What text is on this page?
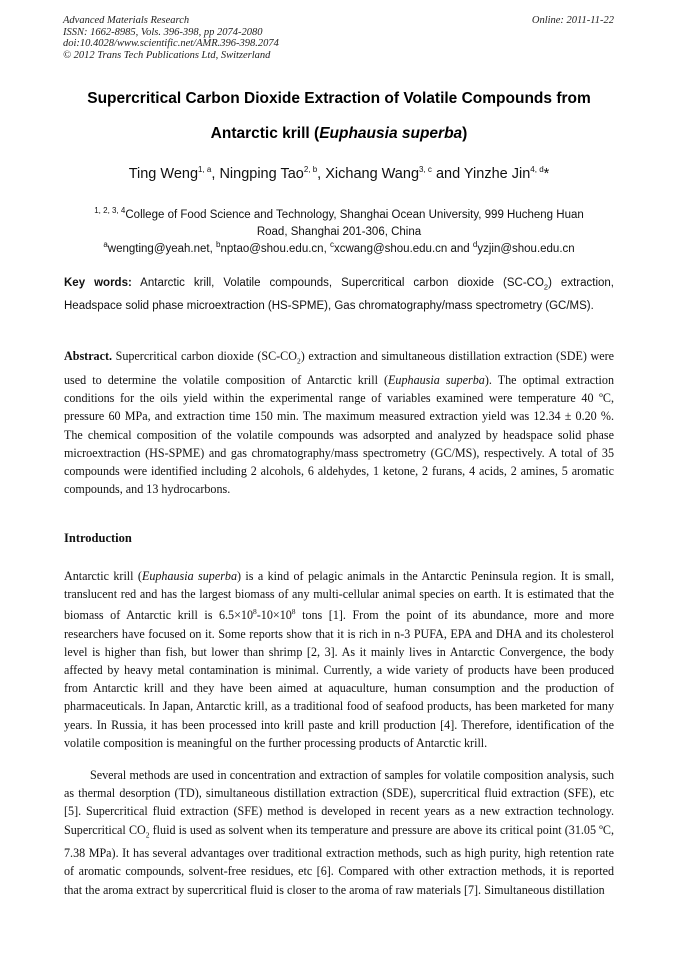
Advanced Materials Research
ISSN: 1662-8985, Vols. 396-398, pp 2074-2080
doi:10.4028/www.scientific.net/AMR.396-398.2074
© 2012 Trans Tech Publications Ltd, Switzerland
Online: 2011-11-22
Supercritical Carbon Dioxide Extraction of Volatile Compounds from
Antarctic krill (Euphausia superba)
Ting Weng$^{1, a}$, Ningping Tao$^{2, b}$, Xichang Wang$^{3, c}$ and Yinzhe Jin$^{4, d}$*
$^{1, 2, 3, 4}$College of Food Science and Technology, Shanghai Ocean University, 999 Hucheng Huan
Road, Shanghai 201-306, China
$^a$wengting@yeah.net, $^b$nptao@shou.edu.cn, $^c$xcwang@shou.edu.cn and $^d$yzjin@shou.edu.cn
Key words: Antarctic krill, Volatile compounds, Supercritical carbon dioxide $(SC-CO_2)$ extraction, Headspace solid phase microextraction (HS-SPME), Gas chromatography/mass spectrometry (GC/MS).
Abstract. Supercritical carbon dioxide $(SC-CO_2)$ extraction and simultaneous distillation extraction (SDE) were used to determine the volatile composition of Antarctic krill (Euphausia superba). The optimal extraction conditions for the oils yield within the experimental range of variables examined were temperature 40 ºC, pressure 60 MPa, and extraction time 150 min. The maximum measured extraction yield was 12.34 ± 0.20 %. The chemical composition of the volatile compounds was adsorpted and analyzed by headspace solid phase microextraction (HS-SPME) and gas chromatography/mass spectrometry (GC/MS), respectively. A total of 35 compounds were identified including 2 alcohols, 6 aldehydes, 1 ketone, 2 furans, 4 acids, 2 amines, 5 aromatic compounds, and 13 hydrocarbons.
Introduction
Antarctic krill (Euphausia superba) is a kind of pelagic animals in the Antarctic Peninsula region. It is small, translucent red and has the largest biomass of any multi-cellular animal species on earth. It is estimated that the biomass of Antarctic krill is $6.5\times 10^8-10\times 10^8$ tons [1]. From the point of its abundance, more and more researchers have focused on it. Some reports show that it is rich in n-3 PUFA, EPA and DHA and its cholesterol level is higher than fish, but lower than shrimp [2, 3]. As it mainly lives in Antarctic Convergence, the body affected by heavy metal contamination is minimal. Currently, a wide variety of products have been produced from Antarctic krill and they have been aimed at aquaculture, human consumption and the production of pharmaceuticals. In Japan, Antarctic krill, as a traditional food of seafood products, has been marketed for many years. In Russia, it has been processed into krill paste and krill production [4]. Therefore, identification of the volatile composition is meaningful on the further processing products of Antarctic krill.
Several methods are used in concentration and extraction of samples for volatile composition analysis, such as thermal desorption (TD), simultaneous distillation extraction (SDE), supercritical fluid extraction (SFE), etc [5]. Supercritical fluid extraction (SFE) method is developed in recent years as a new extraction technology. Supercritical $CO_2$ fluid is used as solvent when its temperature and pressure are above its critical point (31.05 ºC, 7.38 MPa). It has several advantages over traditional extraction methods, such as high purity, high retention rate of aromatic compounds, solvent-free residues, etc [6]. Compared with other extraction methods, it is reported that the aroma extract by supercritical fluid is closer to the aroma of raw materials [7]. Simultaneous distillation
